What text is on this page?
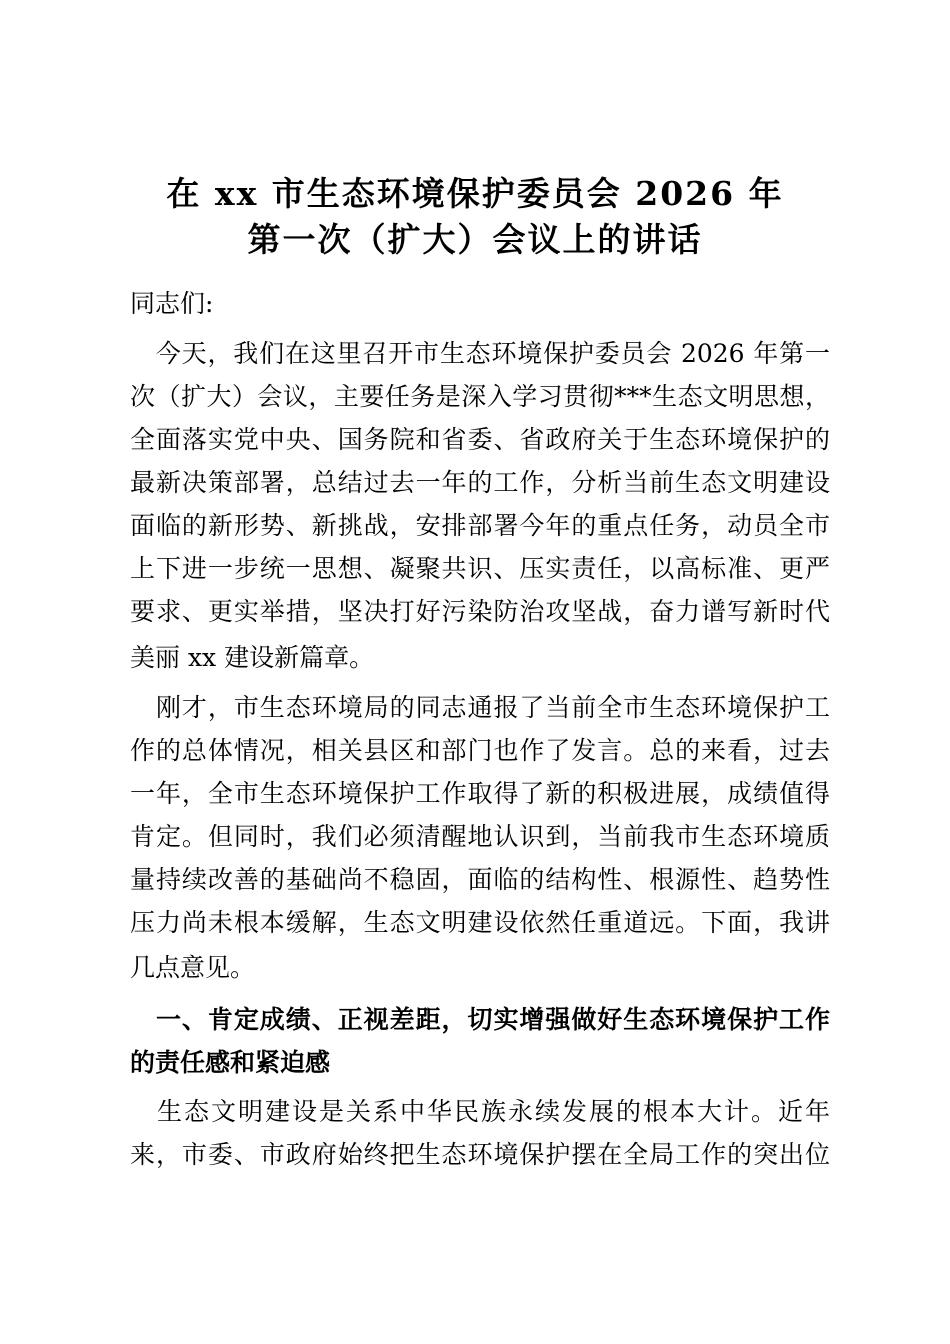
在 xx 市生态环境保护委员会 2026 年
第一次（扩大）会议上的讲话
同志们:
　今天，我们在这里召开市生态环境保护委员会 2026 年第一
次（扩大）会议，主要任务是深入学习贯彻***生态文明思想，
全面落实党中央、国务院和省委、省政府关于生态环境保护的
最新决策部署，总结过去一年的工作，分析当前生态文明建设
面临的新形势、新挑战，安排部署今年的重点任务，动员全市
上下进一步统一思想、凝聚共识、压实责任，以高标准、更严
要求、更实举措，坚决打好污染防治攻坚战，奋力谱写新时代
美丽 xx 建设新篇章。
　刚才，市生态环境局的同志通报了当前全市生态环境保护工
作的总体情况，相关县区和部门也作了发言。总的来看，过去
一年，全市生态环境保护工作取得了新的积极进展，成绩值得
肯定。但同时，我们必须清醒地认识到，当前我市生态环境质
量持续改善的基础尚不稳固，面临的结构性、根源性、趋势性
压力尚未根本缓解，生态文明建设依然任重道远。下面，我讲
几点意见。
　一、肯定成绩、正视差距，切实增强做好生态环境保护工作
的责任感和紧迫感
　生态文明建设是关系中华民族永续发展的根本大计。近年
来，市委、市政府始终把生态环境保护摆在全局工作的突出位
